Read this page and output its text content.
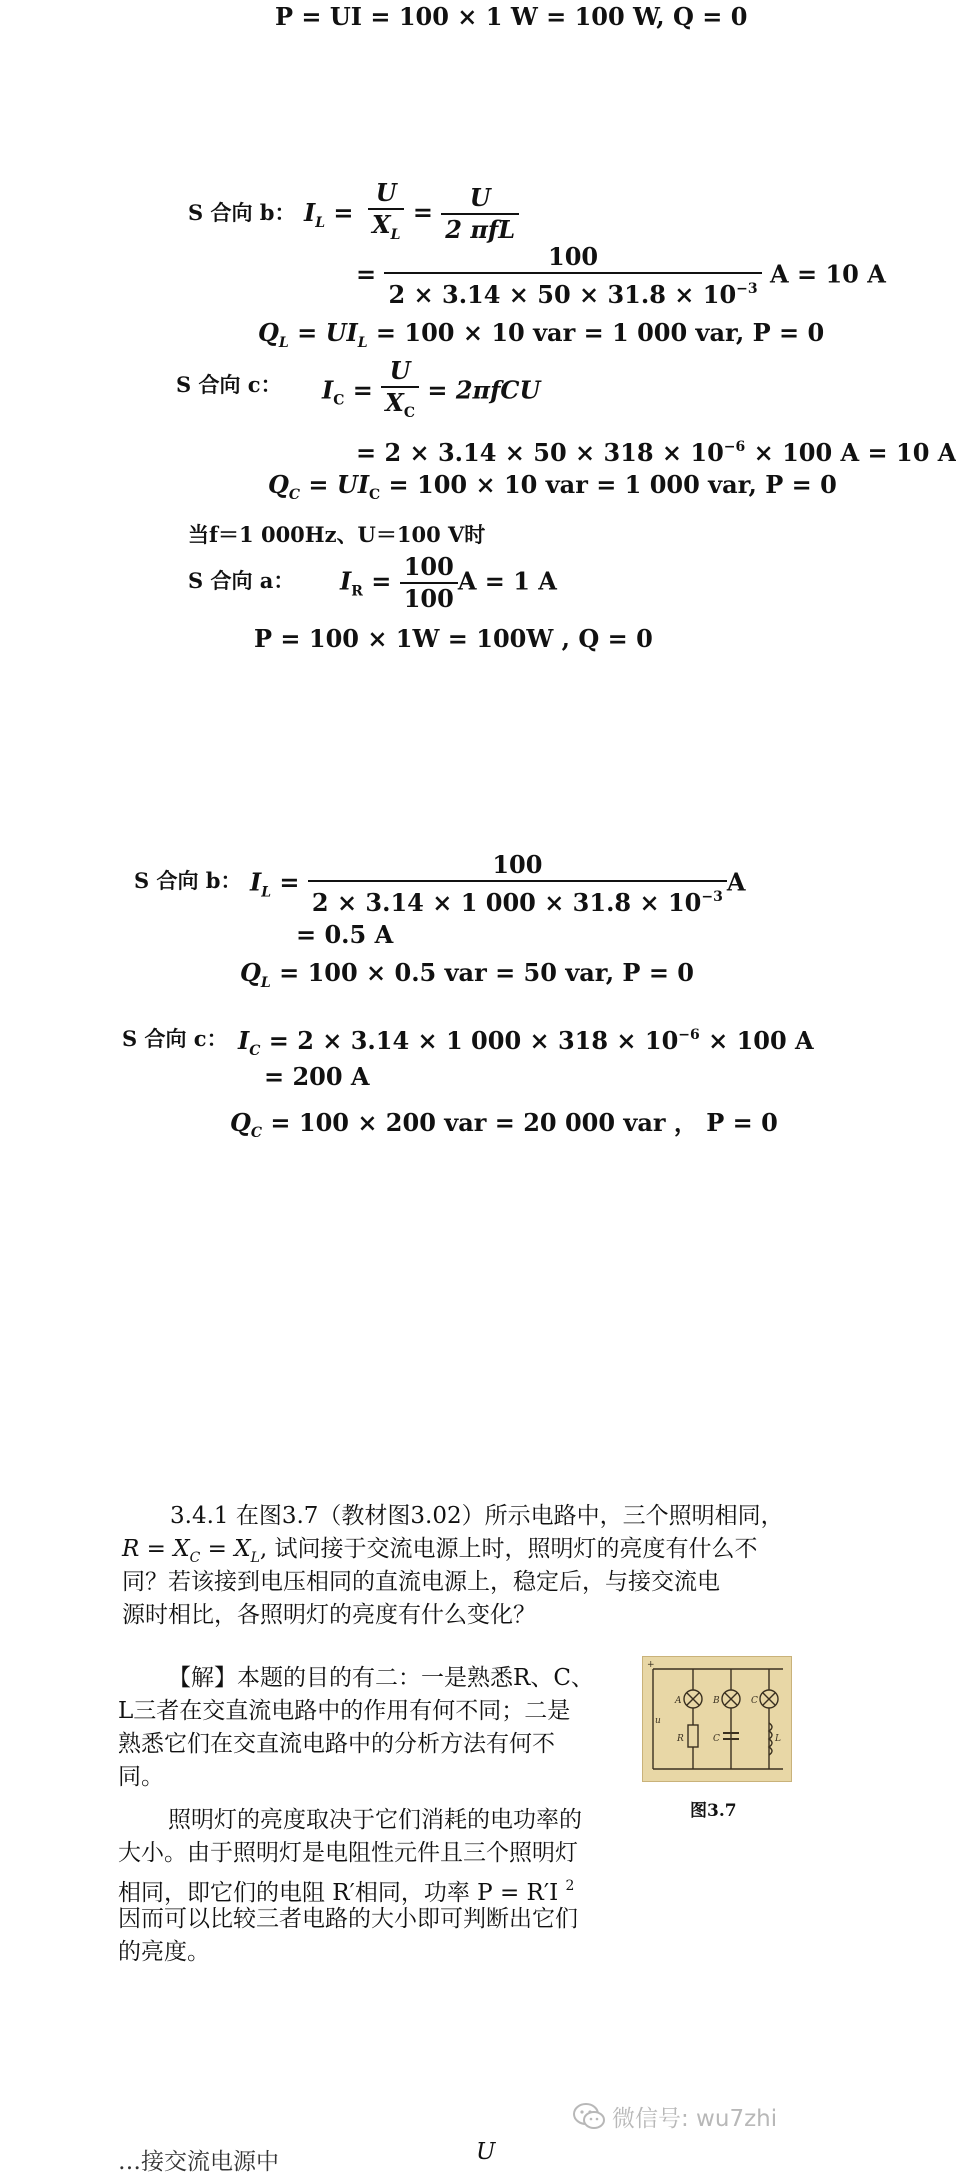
P = UI = 100 × 1 W = 100 W, Q = 0
S 合向 b： $I_L = \frac{U}{X_L} = \frac{U}{\text{2 πfL}}$
= $\frac{100}{2 \times 3.14 \times 50 \times 31.8 \times 10^{-3}}$ A = 10 A
$Q_L = UI_L = 100 \times 10$ var = 1 000 var, P = 0
S 合向 c： $I_C = \frac{U}{X_C} = 2\pi fCU$
= $2 \times 3.14 \times 50 \times 318 \times 10^{-6} \times 100$ A = 10 A
$Q_C = UI_C = 100 \times 10$ var = 1 000 var, P = 0
当f＝1 000Hz、U＝100 V时
S 合向 a： $I_R = \frac{100}{100}$ A = 1 A
P = 100 × 1W = 100W , Q = 0
S 合向 b： $I_L = \frac{100}{2 \times 3.14 \times 1 000 \times 31.8 \times 10^{-3}}$ A
= 0.5 A
$Q_L = 100 \times 0.5$ var = 50 var, P = 0
S 合向 c： $I_C = 2 \times 3.14 \times 1$ $000 \times 318 \times 10^{-6} \times 100$ A
= 200 A
$Q_C = 100 \times 200$ var = 20 000 var ， P = 0
3.4.1 在图3.7（教材图3.02）所示电路中，三个照明相同，
$R = X_C = X_L$, 试问接于交流电源上时，照明灯的亮度有什么不
同？若该接到电压相同的直流电源上，稳定后，与接交流电
源时相比，各照明灯的亮度有什么变化？
【解】本题的目的有二：一是熟悉R、C、
L三者在交直流电路中的作用有何不同；二是
熟悉它们在交直流电路中的分析方法有何不
同。
+
u
A	B	C
R	C	L
图3.7
照明灯的亮度取决于它们消耗的电功率的
大小。由于照明灯是电阻性元件且三个照明灯
相同，即它们的电阻 R′相同，功率 P = R′I $^2$
因而可以比较三者电路的大小即可判断出它们
的亮度。
…接交流电源中	U
微信号: wu7zhi
